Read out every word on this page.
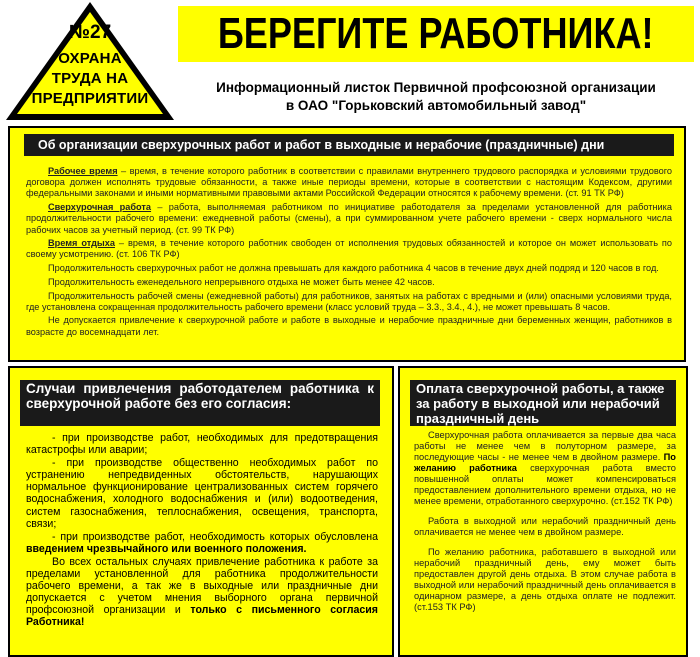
№27
ОХРАНА
ТРУДА НА
ПРЕДПРИЯТИИ
БЕРЕГИТЕ РАБОТНИКА!
Информационный листок Первичной профсоюзной организации
в ОАО "Горьковский автомобильный завод"
Об организации сверхурочных работ и работ в выходные и нерабочие (праздничные) дни

Рабочее время – время, в течение которого работник в соответствии с правилами внутреннего трудового распорядка и условиями трудового договора должен исполнять трудовые обязанности, а также иные периоды времени, которые в соответствии с настоящим Кодексом, другими федеральными законами и иными нормативными правовыми актами Российской Федерации относятся к рабочему времени. (ст. 91 ТК РФ)

Сверхурочная работа – работа, выполняемая работником по инициативе работодателя за пределами установленной для работника продолжительности рабочего времени: ежедневной работы (смены), а при суммированном учете рабочего времени - сверх нормального числа рабочих часов за учетный период. (ст. 99 ТК РФ)

Время отдыха – время, в течение которого работник свободен от исполнения трудовых обязанностей и которое он может использовать по своему усмотрению. (ст. 106 ТК РФ)

Продолжительность сверхурочных работ не должна превышать для каждого работника 4 часов в течение двух дней подряд и 120 часов в год.

Продолжительность еженедельного непрерывного отдыха не может быть менее 42 часов.

Продолжительность рабочей смены (ежедневной работы) для работников, занятых на работах с вредными и (или) опасными условиями труда, где установлена сокращенная продолжительность рабочего времени (класс условий труда – 3.3., 3.4., 4.), не может превышать 8 часов.

Не допускается привлечение к сверхурочной работе и работе в выходные и нерабочие праздничные дни беременных женщин, работников в возрасте до восемнадцати лет.

Случаи привлечения работодателем работника к сверхурочной работе без его согласия:

- при производстве работ, необходимых для предотвращения катастрофы или аварии;

- при производстве общественно необходимых работ по устранению непредвиденных обстоятельств, нарушающих нормальное функционирование централизованных систем горячего водоснабжения, холодного водоснабжения и (или) водоотведения, систем газоснабжения, теплоснабжения, освещения, транспорта, связи;

- при производстве работ, необходимость которых обусловлена введением чрезвычайного или военного положения.

Во всех остальных случаях привлечение работника к работе за пределами установленной для работника продолжительности рабочего времени, а так же в выходные или праздничные дни допускается с учетом мнения выборного органа первичной профсоюзной организации и только с письменного согласия Работника!

Оплата сверхурочной работы, а также за работу в выходной или нерабочий праздничный день

Сверхурочная работа оплачивается за первые два часа работы не менее чем в полуторном размере, за последующие часы - не менее чем в двойном размере. По желанию работника сверхурочная работа вместо повышенной оплаты может компенсироваться предоставлением дополнительного времени отдыха, но не менее времени, отработанного сверхурочно. (ст.152 ТК РФ)

Работа в выходной или нерабочий праздничный день оплачивается не менее чем в двойном размере.

По желанию работника, работавшего в выходной или нерабочий праздничный день, ему может быть предоставлен другой день отдыха. В этом случае работа в выходной или нерабочий праздничный день оплачивается в одинарном размере, а день отдыха оплате не подлежит. (ст.153 ТК РФ)
